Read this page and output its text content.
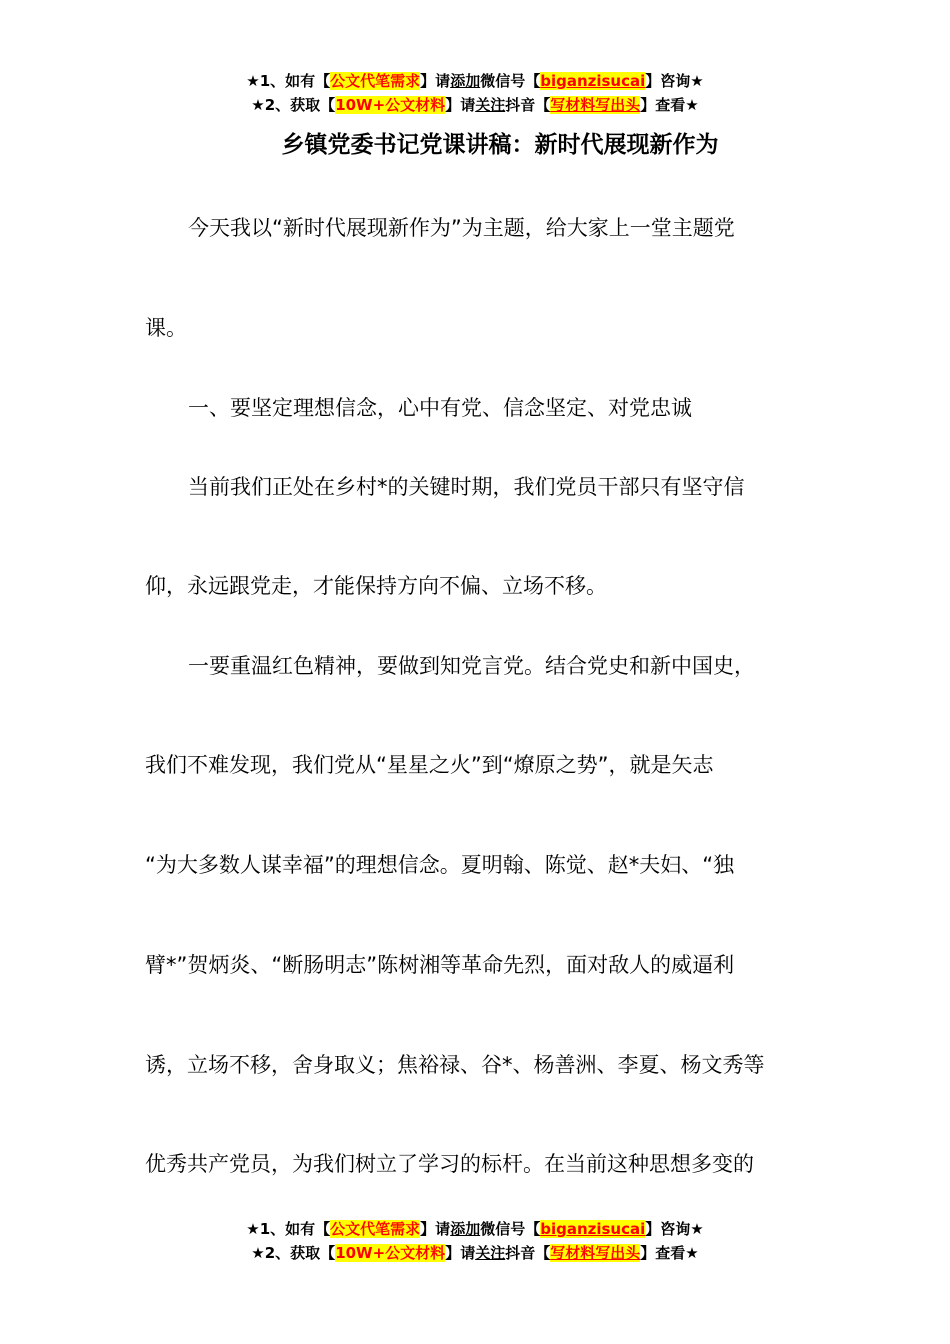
★1、如有【公文代笔需求】请添加微信号【biganzisucai】咨询★
★2、获取【10W+公文材料】请关注抖音【写材料写出头】查看★
乡镇党委书记党课讲稿：新时代展现新作为
今天我以“新时代展现新作为”为主题，给大家上一堂主题党
课。
一、要坚定理想信念，心中有党、信念坚定、对党忠诚
当前我们正处在乡村*的关键时期，我们党员干部只有坚守信
仰，永远跟党走，才能保持方向不偏、立场不移。
一要重温红色精神，要做到知党言党。结合党史和新中国史，
我们不难发现，我们党从“星星之火”到“燎原之势”，就是矢志
“为大多数人谋幸福”的理想信念。夏明翰、陈觉、赵*夫妇、“独
臂*”贺炳炎、“断肠明志”陈树湘等革命先烈，面对敌人的威逼利
诱，立场不移，舍身取义；焦裕禄、谷*、杨善洲、李夏、杨文秀等
优秀共产党员，为我们树立了学习的标杆。在当前这种思想多变的
★1、如有【公文代笔需求】请添加微信号【biganzisucai】咨询★
★2、获取【10W+公文材料】请关注抖音【写材料写出头】查看★
